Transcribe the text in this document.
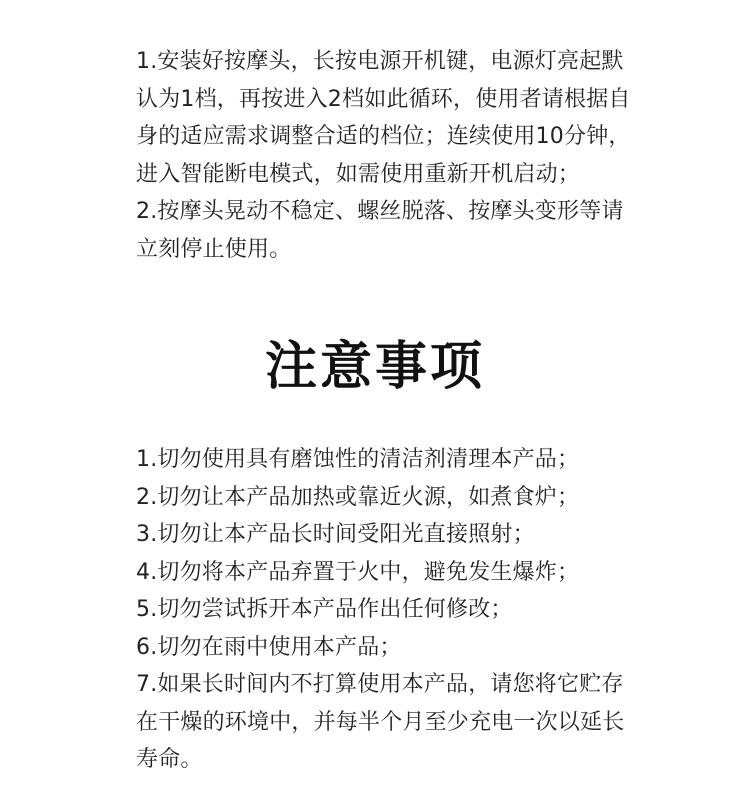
1.安装好按摩头，长按电源开机键，电源灯亮起默
认为1档，再按进入2档如此循环，使用者请根据自
身的适应需求调整合适的档位；连续使用10分钟，
进入智能断电模式，如需使用重新开机启动；
2.按摩头晃动不稳定、螺丝脱落、按摩头变形等请
立刻停止使用。
注意事项
1.切勿使用具有磨蚀性的清洁剂清理本产品；
2.切勿让本产品加热或靠近火源，如煮食炉；
3.切勿让本产品长时间受阳光直接照射；
4.切勿将本产品弃置于火中，避免发生爆炸；
5.切勿尝试拆开本产品作出任何修改；
6.切勿在雨中使用本产品；
7.如果长时间内不打算使用本产品，请您将它贮存
在干燥的环境中，并每半个月至少充电一次以延长
寿命。
